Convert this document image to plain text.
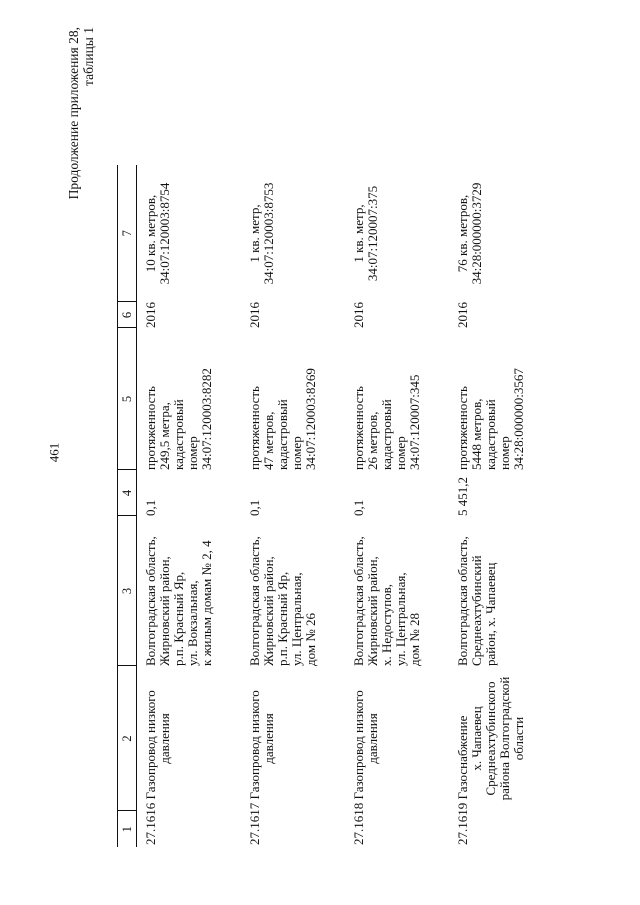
461
Продолжение приложения 28, таблицы 1
1	2	3	4	5	6	7

27.1616 Газопровод низкого давления		Волгоградская область, Жирновский район, р.п. Красный Яр, ул. Вокзальная, к жилым домам № 2, 4	0,1	протяженность 249,5 метра, кадастровый номер 34:07:120003:8282	2016	10 кв. метров, 34:07:120003:8754

27.1617 Газопровод низкого давления		Волгоградская область, Жирновский район, р.п. Красный Яр, ул. Центральная, дом № 26	0,1	протяженность 47 метров, кадастровый номер 34:07:120003:8269	2016	1 кв. метр, 34:07:120003:8753

27.1618 Газопровод низкого давления		Волгоградская область, Жирновский район, х. Недоступов, ул. Центральная, дом № 28	0,1	протяженность 26 метров, кадастровый номер 34:07:120007:345	2016	1 кв. метр, 34:07:120007:375

27.1619 Газоснабжение х. Чапаевец Среднеахтубинского района Волгоградской области		Волгоградская область, Среднеахтубинский район, х. Чапаевец	5 451,2	протяженность 5448 метров, кадастровый номер 34:28:000000:3567	2016	76 кв. метров, 34:28:000000:3729
